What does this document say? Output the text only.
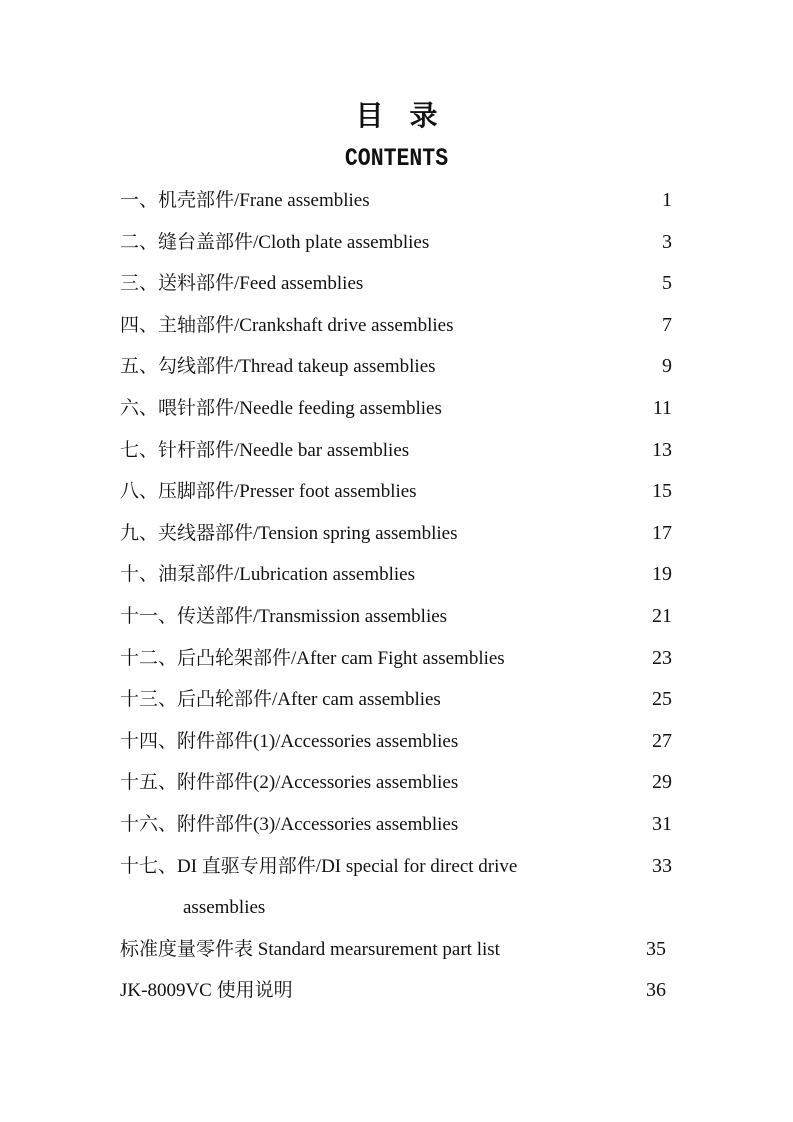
目录
CONTENTS
一、机壳部件/Frane assemblies	1
二、缝台盖部件/Cloth plate assemblies	3
三、送料部件/Feed assemblies	5
四、主轴部件/Crankshaft drive assemblies	7
五、勾线部件/Thread takeup assemblies	9
六、喂针部件/Needle feeding assemblies	11
七、针杆部件/Needle bar assemblies	13
八、压脚部件/Presser foot assemblies	15
九、夹线器部件/Tension spring assemblies	17
十、油泵部件/Lubrication assemblies	19
十一、传送部件/Transmission assemblies	21
十二、后凸轮架部件/After cam Fight assemblies	23
十三、后凸轮部件/After cam assemblies	25
十四、附件部件(1)/Accessories assemblies	27
十五、附件部件(2)/Accessories assemblies	29
十六、附件部件(3)/Accessories assemblies	31
十七、DI 直驱专用部件/DI special for direct drive	33
assemblies
标准度量零件表 Standard mearsurement part list	35
JK-8009VC 使用说明	36
